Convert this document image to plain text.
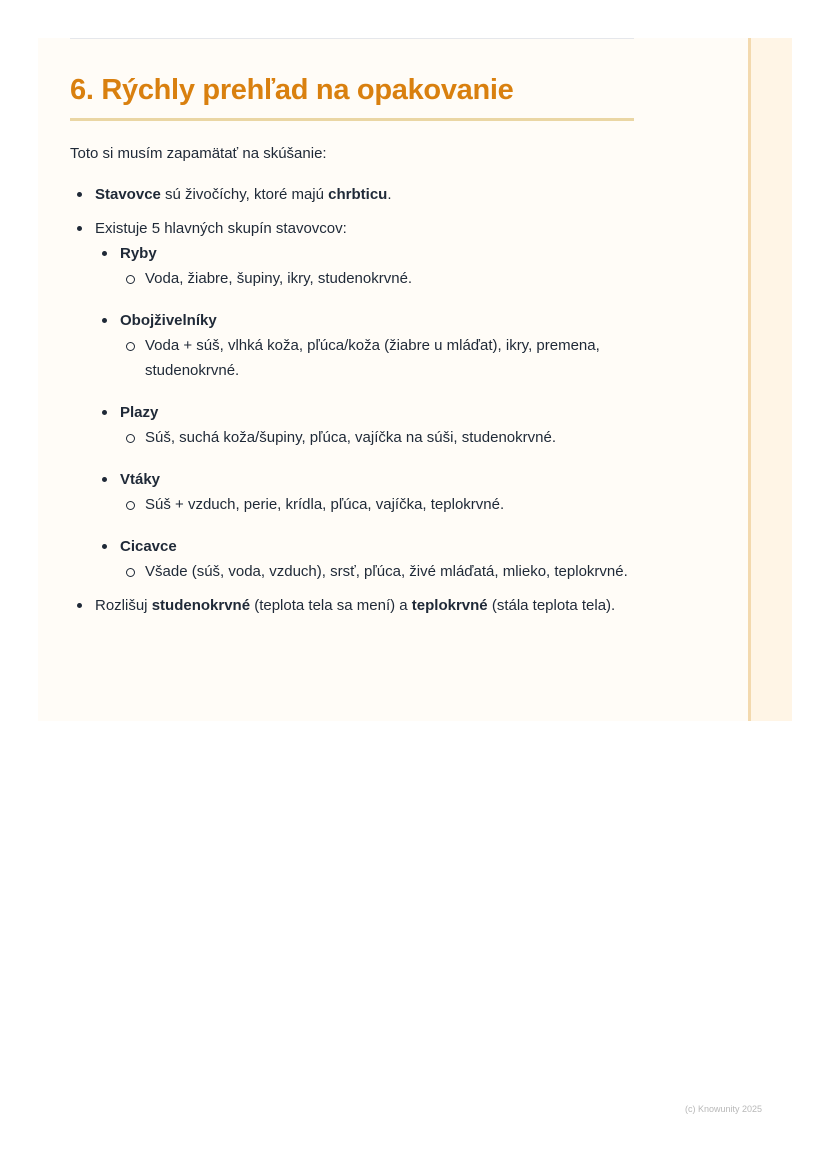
6. Rýchly prehľad na opakovanie

Toto si musím zapamätať na skúšanie:

Stavovce sú živočíchy, ktoré majú chrbticu.
Existuje 5 hlavných skupín stavovcov:
Ryby
Voda, žiabre, šupiny, ikry, studenokrvné.
Obojživelníky
Voda + súš, vlhká koža, pľúca/koža (žiabre u mláďat), ikry, premena, studenokrvné.
Plazy
Súš, suchá koža/šupiny, pľúca, vajíčka na súši, studenokrvné.
Vtáky
Súš + vzduch, perie, krídla, pľúca, vajíčka, teplokrvné.
Cicavce
Všade (súš, voda, vzduch), srsť, pľúca, živé mláďatá, mlieko, teplokrvné.
Rozlišuj studenokrvné (teplota tela sa mení) a teplokrvné (stála teplota tela).
(c) Knowunity 2025
